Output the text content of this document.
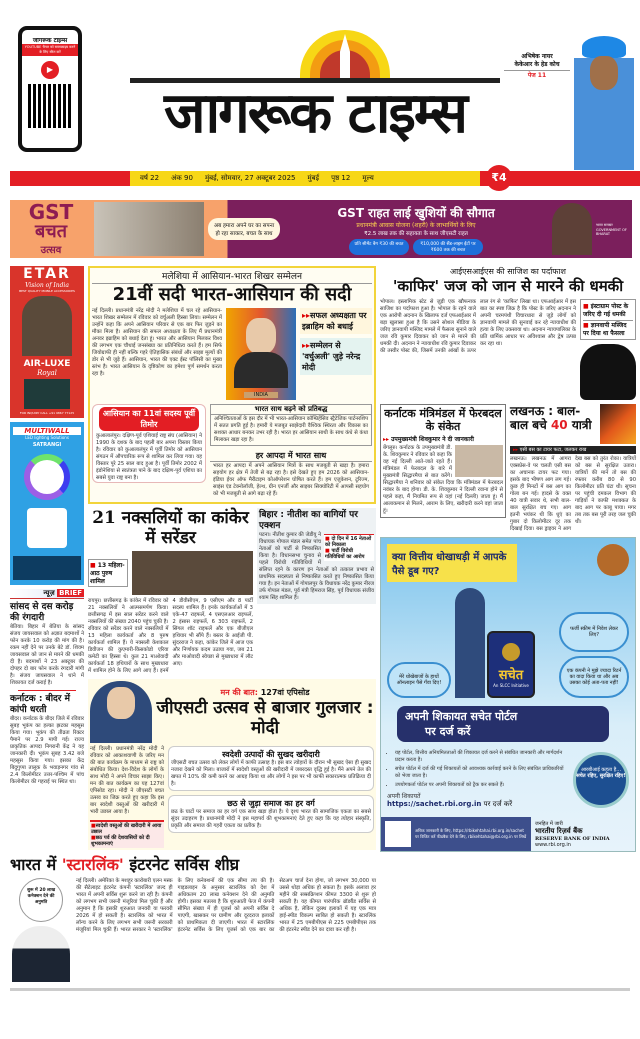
जागरूक टाइम्स
YOUTUBE चैनल को सब्सक्राइब करने के लिए स्कैन करें
▶
जागरूक टाइम्स
अभिषेक नायर
केकेआर के हेड कोच
पेज 11
वर्ष 22 अंक 90 मुंबई, सोमवार, 27 अक्टूबर 2025 मुंबई पृष्ठ 12 मूल्य	₹4
GST
बचत
उत्सव
अब हमारा अपने घर का सपना हो रहा साकार, बचत के साथ
GST राहत लाई खुशियों की सौगात
प्रधानमंत्री आवास योजना (शहरी) के लाभार्थियों के लिए
₹2.5 लाख तक की सहायता के साथ जीएसटी राहत
प्रति सीमेंट बैग ₹30 की बचत	₹10,000 की सैंड-लाइम ईंटों पर ₹600 तक की बचत
भारत सरकार GOVERNMENT OF BHARAT
ETAR
Vision of India
BEST QUALITY MOBILE ACCESSORIES
AIR-LUXE
Royal
FOR INQUIRY CALL +91 9867 77125
MULTIWALL
LED lighting Solutions
SATRANGI
न्यूज़ BRIEF
सांसद से दस करोड़ की रंगदारी
बेतिया। बिहार में बेतिया के सांसद संजय जायसवाल को अज्ञात बदमाशों ने फोन करके 10 करोड़ की मांग की है। रकम नहीं देने पर उनके बेटे डॉ. शिवम जायसवाल को जान से मारने की धमकी दी है। बदमाशों ने 23 अक्टूबर की दोपहर दो बार फोन करके रंगदारी मांगी है। संजय जायसवाल ने थाने में शिकायत दर्ज कराई है।
कर्नाटक : बीदर में कांपी धरती
बीदर। कर्नाटक के बीदर जिले में रविवार सुबह भूकंप का हल्का झटका महसूस किया गया। भूकंप की तीव्रता रिक्टर पैमाने पर 2.9 मापी गई। राज्य प्राकृतिक आपदा निगरानी केंद्र ने यह जानकारी दी। भूकंप सुबह 3.42 बजे महसूस किया गया। इसका केंद्र बिदुगुप्पा तालुक के भवाड़नगर गांव से 2.4 किलोमीटर उत्तर-पश्चिम में पांच किलोमीटर की गहराई पर स्थित था।
मलेशिया में आसियान-भारत शिखर सम्मेलन
21वीं सदी भारत-आसियान की सदी
नई दिल्ली। प्रधानमंत्री नरेंद्र मोदी ने मलेशिया में चल रहे आसियान-भारत शिखर सम्मेलन में रविवार को वर्चुअली हिस्सा लिया। सम्मेलन में उन्होंने कहा कि अपने आसियान परिवार से एक बार फिर जुड़ने का मौका मिला है। आसियान की सफल अध्यक्षता के लिए मैं प्रधानमंत्री अनवर इब्राहिम को बधाई देता हूं। भारत और आसियान मिलकर विश्व की लगभग एक चौथाई जनसंख्या का प्रतिनिधित्व करते हैं। हम सिर्फ जियोग्राफी ही नहीं बल्कि गहरे ऐतिहासिक संबंधों और साझा मूल्यों की डोर से भी जुड़े हैं। आसियान, भारत की एक्ट ईस्ट पॉलिसी का मुख्य स्तंभ है। भारत आसियान के दृष्टिकोण का हमेशा पूर्ण समर्थन करता रहा है।
INDIA
▸▸सफल अध्यक्षता पर इब्राहिम को बधाई
▸▸सम्मेलन से 'वर्चुअली' जुड़े नरेन्द्र मोदी
आसियान का 11वां सदस्य पूर्वी तिमोर
कुआलालंपुर। दक्षिण-पूर्व एशियाई राष्ट्र संघ (आसियान) ने 1990 के दशक के बाद पहली बार अपना विस्तार किया है। रविवार को कुआलालंपुर में पूर्वी तिमोर को आसियान संगठन में औपचारिक रूप से शामिल कर लिया गया। यह विस्तार पूरे 25 साल बाद हुआ है। पूर्वी तिमोर 2002 में इंडोनेशिया से स्वतंत्रता पाने के बाद दक्षिण-पूर्व एशिया का सबसे युवा राष्ट्र बना है।
भारत साथ बढ़ने को प्रतिबद्ध
अनिश्चितताओं के इस दौर में भी भारत-आसियान कॉम्प्रिहेंसिव स्ट्रैटेजिक पार्टनरशिप में सतत प्रगति हुई है। हमारी ये मजबूत साझेदारी वैश्विक स्थिरता और विकास का सशक्त आधार बनकर उभर रही है। भारत हर आसियान साथी के साथ कंधे से कंधा मिलाकर खड़ा रहा है।
हर आपदा में भारत साथ
भारत हर आपदा में अपने आसियान मित्रों के साथ मजबूती से खड़ा है। हमारा सहयोग हर क्षेत्र में तेजी से बढ़ रहा है। इसे देखते हुए हम 2026 को आसियान-इंडिया ईयर ऑफ मैरीटाइम कोऑपरेशन घोषित करते हैं। हम एजुकेशन, टूरिज्म, साइंस एंड टेक्नोलॉजी, हेल्थ, ग्रीन एनर्जी और साइबर सिक्योरिटी में आपसी सहयोग को भी मजबूती से आगे बढ़ा रहे हैं।
21 नक्सलियों का कांकेर में सरेंडर
■ 13 महिला-आठ पुरुष शामिल
रायपुर। छत्तीसगढ़ के कांकेर में रविवार को 21 नक्सलियों ने आत्मसमर्पण किया। छत्तीसगढ़ में इस साल सरेंडर करने वाले नक्सलियों की संख्या 2040 पहुंच चुकी है। रविवार को सरेंडर करने वाले नक्सलियों में 13 महिला कार्यकर्ता और 8 पुरुष कार्यकर्ता शामिल हैं। ये नक्सली केशकाल डिवीजन की कुएमारी-किसकोडो एरिया कमेटी का हिस्सा थे। कुल 21 माओवादी कार्यकर्ता 18 हथियारों के साथ मुख्यधारा में शामिल होने के लिए आगे आए हैं। इनमें 4 डीवीसीएम, 9 एसीएम और 8 पार्टी सदस्य शामिल हैं। इनके कार्यकर्ताओं में 3 एके-47 राइफलें, 4 एसएलआर राइफलें, 2 इंसास राइफलें, 6 303 राइफलें, 2 सिंगल शॉट राइफलें और एक बीजीएल हथियार भी सौंपे हैं। बस्तर के आईजी पी. सुंदरराज ने कहा, कांकेर जिले में आज एक और निर्णायक कदम उठाया गया, जब 21 और माओवादी स्वेच्छा से मुख्यधारा में लौट आए।
बिहार : नीतीश का बागियों पर एक्शन
■ दो दिन में 16 नेताओं को निकाला
■ पार्टी विरोधी गतिविधियों का आरोप
पटना। नीतीश कुमार की जेडीयू ने विधायक गोपाल मंडल समेत पांच नेताओं को पार्टी से निष्कासित किया है। विधानसभा चुनाव से पहले विरोधी गतिविधियों में संलिप्त रहने के कारण इन नेताओं को तत्काल प्रभाव से प्राथमिक सदस्यता से निष्कासित करते हुए निष्कासित किया गया है। इन नेताओं में गोपालपुर के विधायक नरेंद्र कुमार नीरज उर्फ गोपाल मंडल, पूर्व मंत्री हिमराज सिंह, पूर्व विधायक संजीव श्याम सिंह शामिल हैं।
मन की बात: 127वां एपिसोड
जीएसटी उत्सव से बाजार गुलजार : मोदी
नई दिल्ली। प्रधानमंत्री नरेंद्र मोदी ने रविवार को आकाशवाणी के जरिए मन की बात कार्यक्रम के माध्यम से राष्ट्र को संबोधित किया। देश-विदेश के लोगों के साथ मोदी ने अपने विचार साझा किए। मन की बात कार्यक्रम का यह 127वां एपिसोड रहा। मोदी ने जीएसटी बचत उत्सव का जिक्र करते हुए कहा कि इस बार स्वदेशी वस्तुओं की खरीदारी में भारी उछाल आया है।
■स्वदेशी वस्तुओं की खरीदारी में आया उछाल
■छठ पर्व की देशवासियों को दी शुभकामनाएं
स्वदेशी उत्पादों की सुखद खरीदारी
जीएसटी बचत उत्सव को लेकर लोगों में काफी उत्साह है। इस बार त्योहारों के दौरान भी सुखद ऐसा ही सुखद नजारा देखने को मिला। बाजारों में स्वदेशी वस्तुओं की खरीदारी में जबरदस्त वृद्धि हुई है। मैंने अपने तेल की खपत में 10% की कमी करने का आग्रह किया था और लोगों ने इस पर भी काफी सकारात्मक प्रतिक्रिया दी है।
छठ से जुड़ा समाज का हर वर्ग
छठ के घाटों पर समाज का हर वर्ग एक साथ खड़ा होता है। ये दृश्य भारत की सामाजिक एकता का सबसे सुंदर उदाहरण है। प्रधानमंत्री मोदी ने इस महापर्व की शुभकामनाएं देते हुए कहा कि यह त्योहार संस्कृति, प्रकृति और समाज की गहरी एकता का प्रतीक है।
भारत में 'स्टारलिंक' इंटरनेट सर्विस शीघ्र
शुरू में 20 लाख कनेक्शन देने की अनुमति
नई दिल्ली। अमेरिका के मशहूर कारोबारी एलन मस्क की सैटेलाइट इंटरनेट कंपनी 'स्टारलिंक' जल्द ही भारत में अपनी सर्विस शुरू करने जा रही है। कंपनी को लगभग सभी जरूरी मंजूरियां मिल चुकी हैं और अनुमान है कि इसकी शुरुआत जनवरी या फरवरी 2026 में हो सकती है। स्टारलिंक को भारत में लॉन्च करने के लिए लगभग सभी जरूरी सरकारी मंजूरियां मिल चुकी हैं। भारत सरकार ने 'स्टारलिंक' के लिए कनेक्शनों की एक सीमा तय की है। गाइडलाइन के अनुसार स्टारलिंक को देश में अधिकतम 20 लाख कनेक्शन देने की अनुमति होगी। इसका मतलब है कि शुरुआती फेज में कंपनी सीमित संख्या में ही यूजर्स को अपनी सर्विस दे पाएगी, खासकर पर ग्रामीण और दूरदराज इलाकों को प्राथमिकता दी जाएगी। भारत में स्टारलिंक इंटरनेट सर्विस के लिए यूजर्स को एक बार का सेटअप चार्ज देना होगा, जो लगभग 30,000 या उससे थोड़ा अधिक हो सकता है। इसके अलावा हर महीने की सब्सक्रिप्शन कीमत 3300 से शुरू हो सकती है। यह कीमत पारंपरिक ब्रॉडबैंड सर्विस से अधिक है, लेकिन दूरस्थ इलाकों में यह एक मात्र हाई-स्पीड विकल्प साबित हो सकती है। स्टारलिंक भारत में 25 एमबीपीएस से 225 एमबीपीएस तक की इंटरनेट स्पीड देने का दावा कर रही है।
आईएसआईएस की साजिश का पर्दाफाश
'काफिर' जज को जान से मारने की धमकी
भोपाल। इस्लामिक स्टेट से जुड़ी एक खौफनाक साजिश का पर्दाफाश हुआ है। भोपाल के रहने वाले एक आरोपी अदनान के खिलाफ दर्ज एफआईआर में बड़ा खुलासा हुआ है कि उसने सोशल मीडिया के जरिए ज्ञानवापी मस्जिद मामले में फैसला सुनाने वाले जज रवि कुमार दिवाकर को जान से मारने की धमकी दी। अदनान ने न्यायाधीश रवि कुमार दिवाकर की तस्वीर पोस्ट की, जिसमें उनकी आंखों के ऊपर लाल रंग से 'काफिर' लिखा था। एफआईआर में इस बात का स्पष्ट जिक्र है कि पोस्ट के जरिए अदनान ने अपनी चरमपंथी विचारधारा से जुड़े लोगों को ज्ञानवापी मामले की सुनवाई कर रहे न्यायाधीश की हत्या के लिए उकसाया था। अदनान न्यायपालिका के प्रति धार्मिक आधार पर अविश्वास और द्वेष उत्पन्न कर रहा था।
■ इंस्टाग्राम पोस्ट के जरिए दी गई धमकी
■ ज्ञानवापी मस्जिद पर दिया था फैसला
कर्नाटक मंत्रिमंडल में फेरबदल के संकेत
▸▸ उपमुख्यमंत्री शिवकुमार ने दी जानकारी
बेंगलुरु। कर्नाटक के उपमुख्यमंत्री डी. के. शिवकुमार ने रविवार को कहा कि वह नई दिल्ली आते-जाते रहते हैं। मंत्रिमंडल में फेरबदल के बारे में मुख्यमंत्री सिद्धारमैया से बात करेंगे। सिद्धारमैया ने शनिवार को संकेत दिया कि मंत्रिमंडल में फेरबदल नवंबर के बाद होगा। डी. के. शिवकुमार ने दिल्ली रवाना होने से पहले कहा, मैं नियमित रूप से वहां (नई दिल्ली) जाता हूं। मैं आलाकमान से मिलने, आराम के लिए, खरीदारी करने वहां जाता हूं।
लखनऊ : बाल-बाल बचे 40 यात्री
▸▸ एसी बस का टायर फटा, जलकर राख
लखनऊ। लखनऊ में आगरा एक्सप्रेस-वे पर चलती एसी बस का अचानक टायर फट गया। इसके बाद भीषण आग लग गई। कुछ ही मिनटों में बस आग का गोला बन गई। हादसे के वक्त 40 यात्री सवार थे, सभी बाल-बाल सुरक्षित बच गए। आग इतनी भयंकर थी कि धुएं का गुबार दो किलोमीटर दूर तक दिखाई दिया। बस ड्राइवर ने आग देख बस को तुरंत रोका। यात्रियों को बस से सुरक्षित उतारा। यात्रियों की मानें तो बस की रफ्तार करीब 80 से 90 किलोमीटर प्रति घंटा थी। सूचना पर पहुंची दमकल विभाग की गाड़ियों ने काफी मशक्कत के बाद आग पर काबू पाया। मगर तब तक बस पूरी तरह जल चुकी थी।
क्या वित्तीय धोखाधड़ी में आपके पैसे डूब गए?
मेरे धोखेबाजों के हाथों ऑनलाइन पैसे गँवा दिए!	सचेत
An SLCC Initiative
फर्जी स्कीम में निवेश लेकर लिए?
एक कंपनी ने मुझे ज्यादा रिटर्न का वादा किया था और अब उसका कोई अता-पता नहीं!
अपनी शिकायत सचेत पोर्टल
पर दर्ज करें
• यह पोर्टल, वित्तीय अनियमितताओं की शिकायत दर्ज करने से संबंधित जानकारी और मार्गदर्शन प्रदान करता है।
• सचेत पोर्टल में दर्ज की गई शिकायतों को आवश्यक कार्रवाई करने के लिए संबंधित प्राधिकारियों को भेजा जाता है।
• उपयोगकर्ता पोर्टल पर अपनी शिकायतों को ट्रैक कर सकते हैं।
अपनी शिकायतें
https://sachet.rbi.org.in पर दर्ज करें
आरबीआई कहता है...
सचेत रहिए, सुरक्षित रहिए!
अधिक जानकारी के लिए, https://rbikehtahai.rbi.org.in/sachet पर विजिट करें फीडबैक देने के लिए, rbikehtahai@rbi.org.in पर लिखें
जनहित में जारी
भारतीय रिज़र्व बैंक
RESERVE BANK OF INDIA
www.rbi.org.in
